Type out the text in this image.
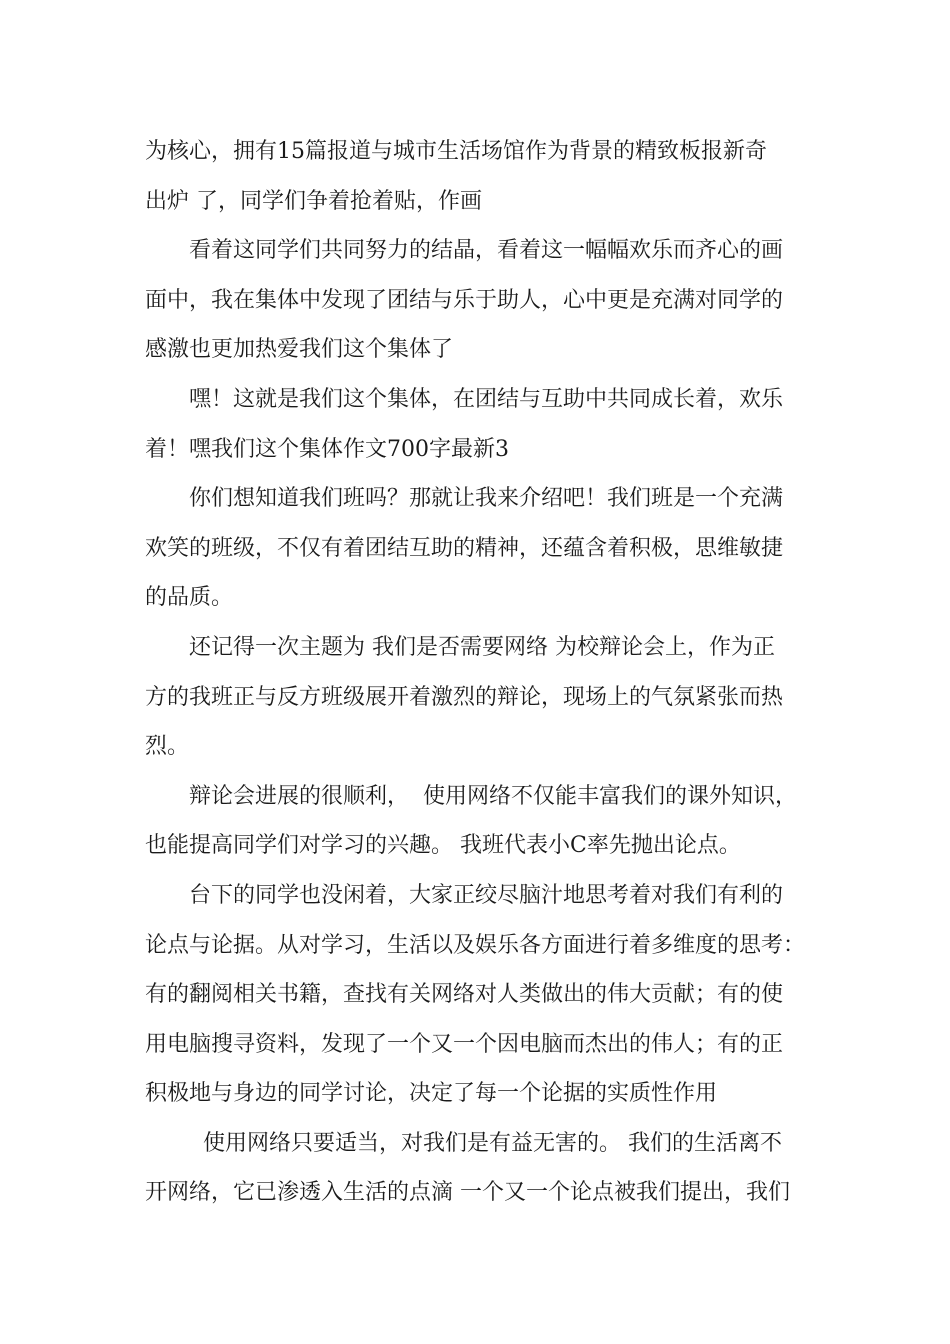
为核心，拥有15篇报道与城市生活场馆作为背景的精致板报新奇
出炉 了，同学们争着抢着贴，作画
看着这同学们共同努力的结晶，看着这一幅幅欢乐而齐心的画
面中，我在集体中发现了团结与乐于助人，心中更是充满对同学的
感激也更加热爱我们这个集体了
嘿！这就是我们这个集体，在团结与互助中共同成长着，欢乐
着！嘿我们这个集体作文700字最新3
你们想知道我们班吗？那就让我来介绍吧！我们班是一个充满
欢笑的班级，不仅有着团结互助的精神，还蕴含着积极，思维敏捷
的品质。
还记得一次主题为 我们是否需要网络 为校辩论会上，作为正
方的我班正与反方班级展开着激烈的辩论，现场上的气氛紧张而热
烈。
辩论会进展的很顺利，  使用网络不仅能丰富我们的课外知识，
也能提高同学们对学习的兴趣。 我班代表小C率先抛出论点。
台下的同学也没闲着，大家正绞尽脑汁地思考着对我们有利的
论点与论据。从对学习，生活以及娱乐各方面进行着多维度的思考：
有的翻阅相关书籍，查找有关网络对人类做出的伟大贡献；有的使
用电脑搜寻资料，发现了一个又一个因电脑而杰出的伟人；有的正
积极地与身边的同学讨论，决定了每一个论据的实质性作用
使用网络只要适当，对我们是有益无害的。 我们的生活离不
开网络，它已渗透入生活的点滴 一个又一个论点被我们提出，我们
